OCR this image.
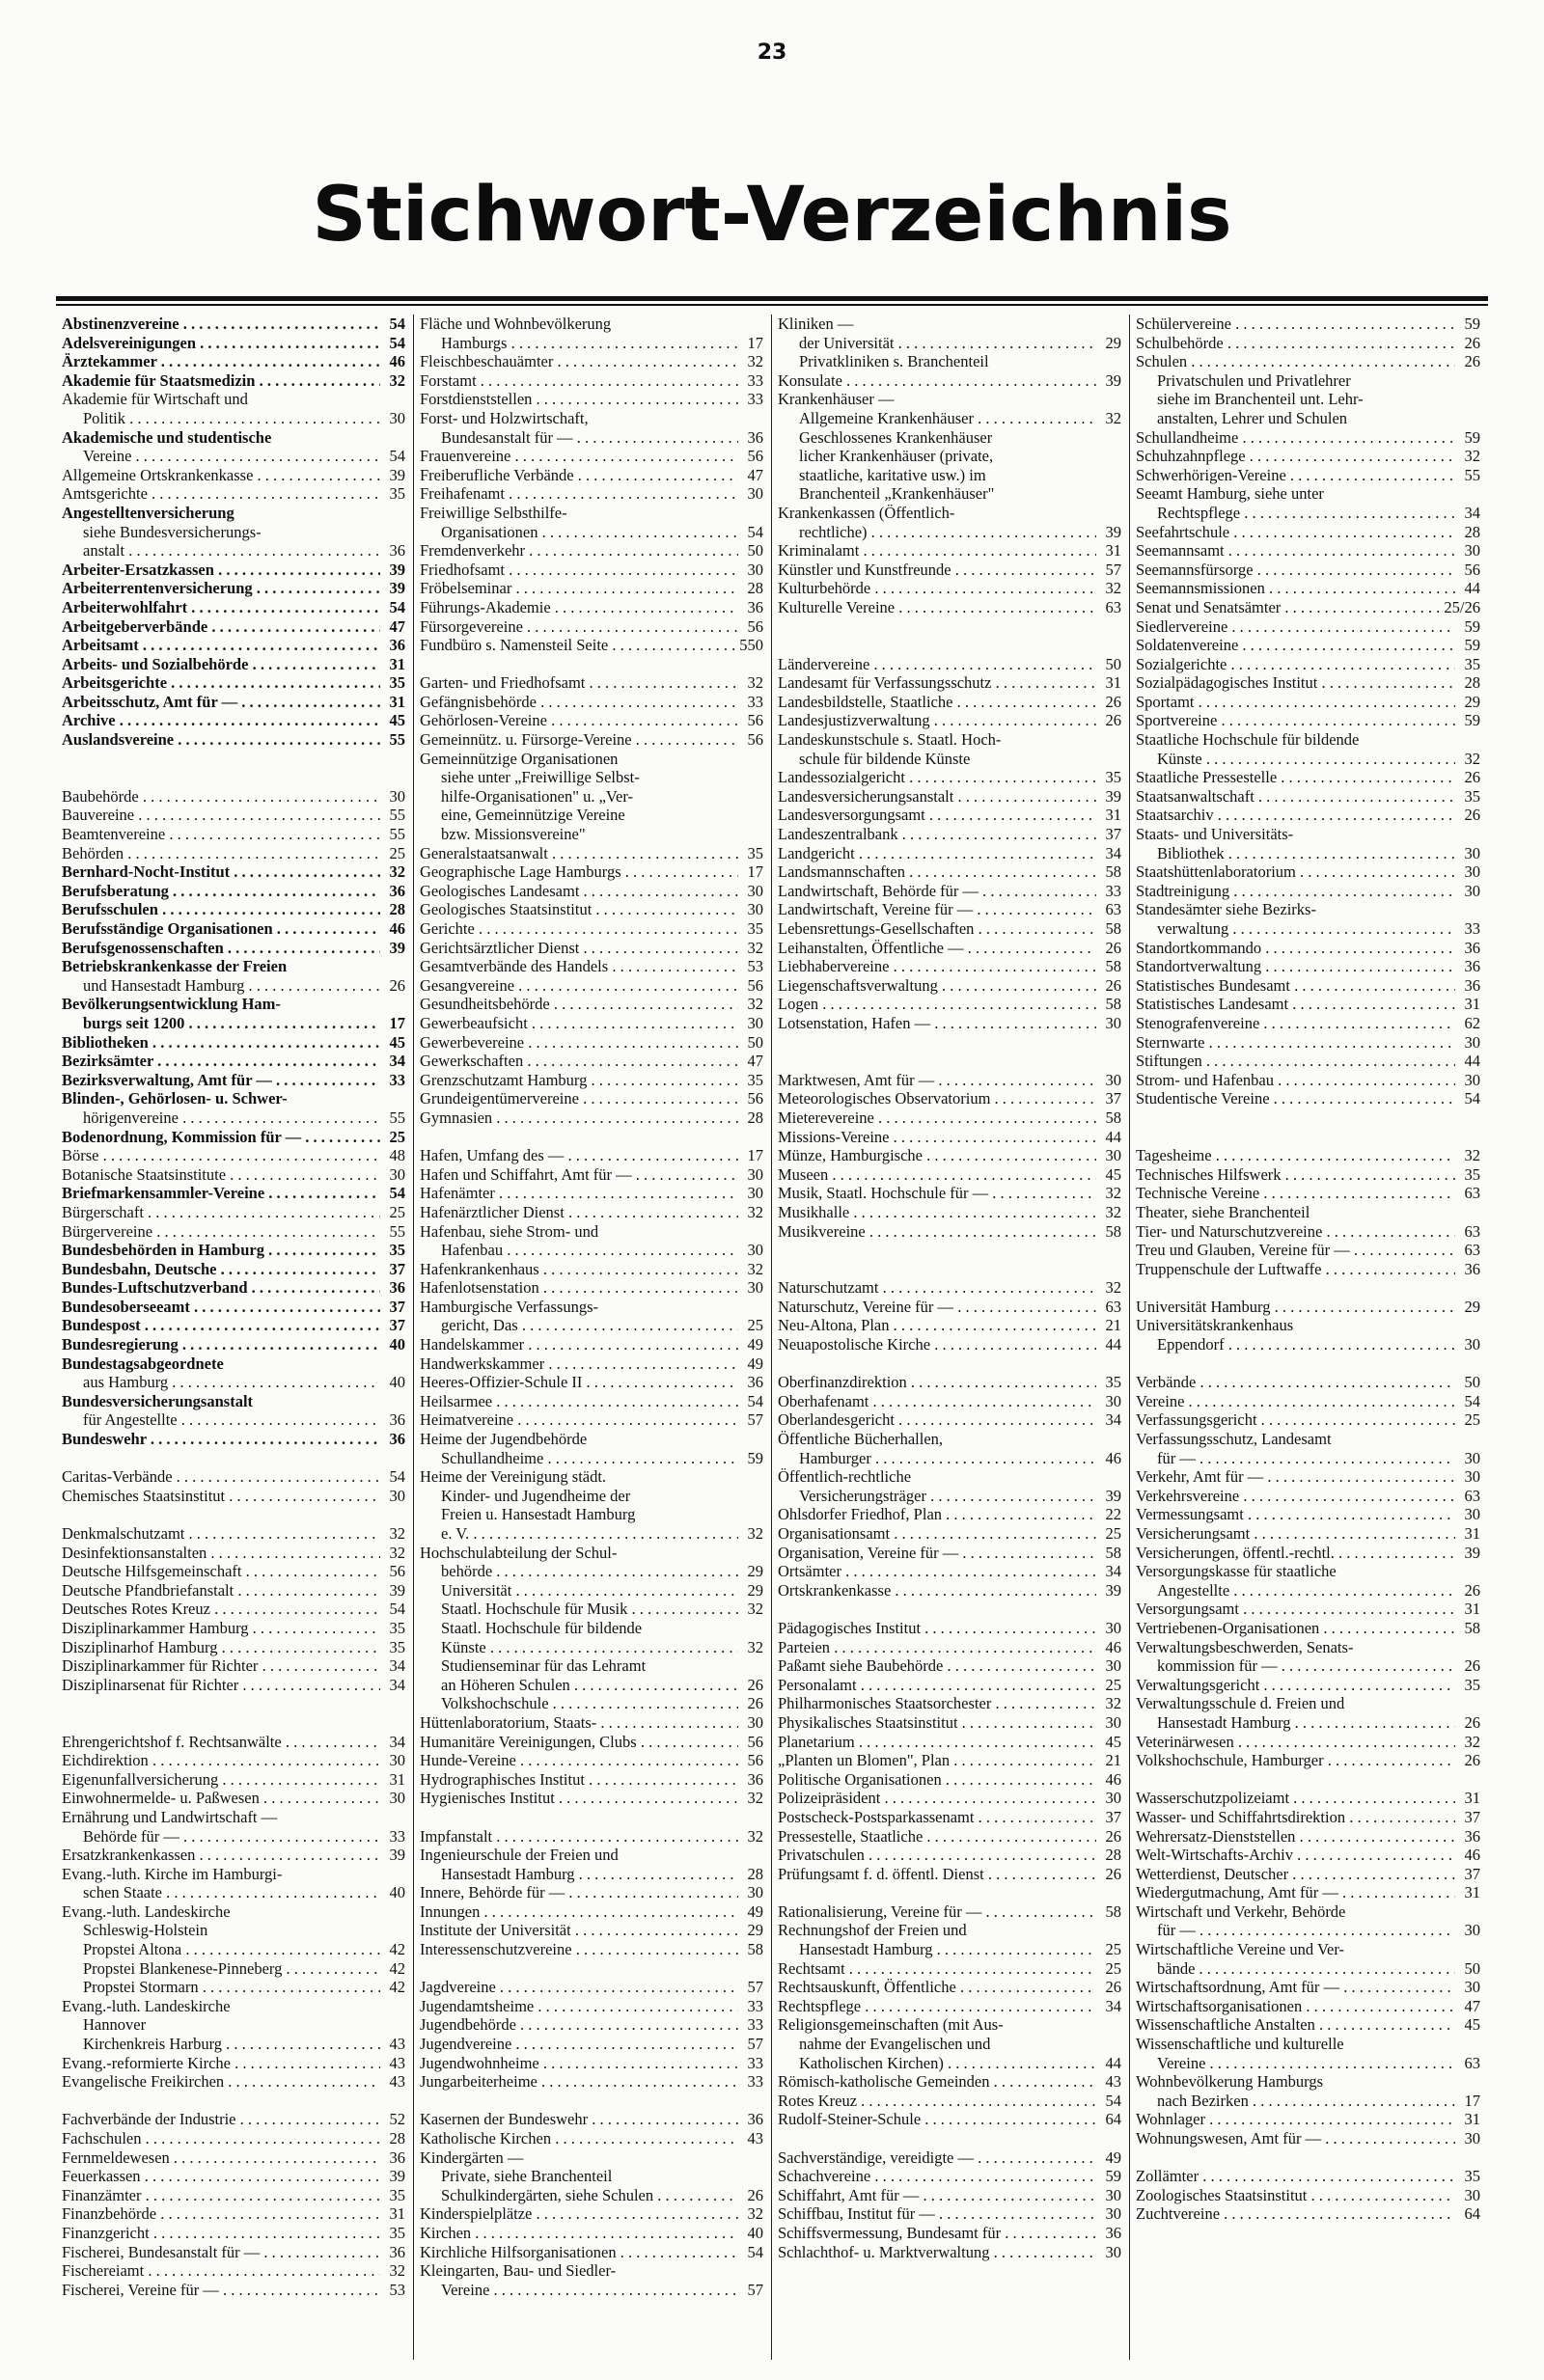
23
Stichwort-Verzeichnis
Abstinenzvereine . . .	54
Adelsvereinigungen . . .	54
Ärztekammer . . .	46
Akademie für Staatsmedizin . . .	32
Akademie für Wirtschaft und
Politik . . .	30
Akademische und studentische
Vereine . . .	54
Allgemeine Ortskrankenkasse . . .	39
Amtsgerichte . . .	35
Angestelltenversicherung
siehe Bundesversicherungs-
anstalt . . .	36
Arbeiter-Ersatzkassen . . .	39
Arbeiterrentenversicherung . . .	39
Arbeiterwohlfahrt . . .	54
Arbeitgeberverbände . . .	47
Arbeitsamt . . .	36
Arbeits- und Sozialbehörde . . .	31
Arbeitsgerichte . . .	35
Arbeitsschutz, Amt für — . . .	31
Archive . . .	45
Auslandsvereine . . .	55
Baubehörde . . .	30
Bauvereine . . .	55
Beamtenvereine . . .	55
Behörden . . .	25
Bernhard-Nocht-Institut . . .	32
Berufsberatung . . .	36
Berufsschulen . . .	28
Berufsständige Organisationen . . .	46
Berufsgenossenschaften . . .	39
Betriebskrankenkasse der Freien
und Hansestadt Hamburg . . .	26
Bevölkerungsentwicklung Ham-
burgs seit 1200 . . .	17
Bibliotheken . . .	45
Bezirksämter . . .	34
Bezirksverwaltung, Amt für — . . .	33
Blinden-, Gehörlosen- u. Schwer-
hörigenvereine . . .	55
Bodenordnung, Kommission für — . . .	25
Börse . . .	48
Botanische Staatsinstitute . . .	30
Briefmarkensammler-Vereine . . .	54
Bürgerschaft . . .	25
Bürgervereine . . .	55
Bundesbehörden in Hamburg . . .	35
Bundesbahn, Deutsche . . .	37
Bundes-Luftschutzverband . . .	36
Bundesoberseeamt . . .	37
Bundespost . . .	37
Bundesregierung . . .	40
Bundestagsabgeordnete
aus Hamburg . . .	40
Bundesversicherungsanstalt
für Angestellte . . .	36
Bundeswehr . . .	36
Caritas-Verbände . . .	54
Chemisches Staatsinstitut . . .	30
Denkmalschutzamt . . .	32
Desinfektionsanstalten . . .	32
Deutsche Hilfsgemeinschaft . . .	56
Deutsche Pfandbriefanstalt . . .	39
Deutsches Rotes Kreuz . . .	54
Disziplinarkammer Hamburg . . .	35
Disziplinarhof Hamburg . . .	35
Disziplinarkammer für Richter . . .	34
Disziplinarsenat für Richter . . .	34
Ehrengerichtshof f. Rechtsanwälte . . .	34
Eichdirektion . . .	30
Eigenunfallversicherung . . .	31
Einwohnermelde- u. Paßwesen . . .	30
Ernährung und Landwirtschaft —
Behörde für — . . .	33
Ersatzkrankenkassen . . .	39
Evang.-luth. Kirche im Hamburgi-
schen Staate . . .	40
Evang.-luth. Landeskirche
Schleswig-Holstein
Propstei Altona . . .	42
Propstei Blankenese-Pinneberg . . .	42
Propstei Stormarn . . .	42
Evang.-luth. Landeskirche
Hannover
Kirchenkreis Harburg . . .	43
Evang.-reformierte Kirche . . .	43
Evangelische Freikirchen . . .	43
Fachverbände der Industrie . . .	52
Fachschulen . . .	28
Fernmeldewesen . . .	36
Feuerkassen . . .	39
Finanzämter . . .	35
Finanzbehörde . . .	31
Finanzgericht . . .	35
Fischerei, Bundesanstalt für — . . .	36
Fischereiamt . . .	32
Fischerei, Vereine für — . . .	53
Fläche und Wohnbevölkerung
Hamburgs . . .	17
Fleischbeschauämter . . .	32
Forstamt . . .	33
Forstdienststellen . . .	33
Forst- und Holzwirtschaft,
Bundesanstalt für — . . .	36
Frauenvereine . . .	56
Freiberufliche Verbände . . .	47
Freihafenamt . . .	30
Freiwillige Selbsthilfe-
Organisationen . . .	54
Fremdenverkehr . . .	50
Friedhofsamt . . .	30
Fröbelseminar . . .	28
Führungs-Akademie . . .	36
Fürsorgevereine . . .	56
Fundbüro s. Namensteil Seite . . .	550
Garten- und Friedhofsamt . . .	32
Gefängnisbehörde . . .	33
Gehörlosen-Vereine . . .	56
Gemeinnütz. u. Fürsorge-Vereine . . .	56
Gemeinnützige Organisationen
siehe unter „Freiwillige Selbst-
hilfe-Organisationen" u. „Ver-
eine, Gemeinnützige Vereine
bzw. Missionsvereine"
Generalstaatsanwalt . . .	35
Geographische Lage Hamburgs . . .	17
Geologisches Landesamt . . .	30
Geologisches Staatsinstitut . . .	30
Gerichte . . .	35
Gerichtsärztlicher Dienst . . .	32
Gesamtverbände des Handels . . .	53
Gesangvereine . . .	56
Gesundheitsbehörde . . .	32
Gewerbeaufsicht . . .	30
Gewerbevereine . . .	50
Gewerkschaften . . .	47
Grenzschutzamt Hamburg . . .	35
Grundeigentümervereine . . .	56
Gymnasien . . .	28
Hafen, Umfang des — . . .	17
Hafen und Schiffahrt, Amt für — . . .	30
Hafenämter . . .	30
Hafenärztlicher Dienst . . .	32
Hafenbau, siehe Strom- und
Hafenbau . . .	30
Hafenkrankenhaus . . .	32
Hafenlotsenstation . . .	30
Hamburgische Verfassungs-
gericht, Das . . .	25
Handelskammer . . .	49
Handwerkskammer . . .	49
Heeres-Offizier-Schule II . . .	36
Heilsarmee . . .	54
Heimatvereine . . .	57
Heime der Jugendbehörde
Schullandheime . . .	59
Heime der Vereinigung städt.
Kinder- und Jugendheime der
Freien u. Hansestadt Hamburg
e. V. . . .	32
Hochschulabteilung der Schul-
behörde . . .	29
Universität . . .	29
Staatl. Hochschule für Musik . . .	32
Staatl. Hochschule für bildende
Künste . . .	32
Studienseminar für das Lehramt
an Höheren Schulen . . .	26
Volkshochschule . . .	26
Hüttenlaboratorium, Staats- . . .	30
Humanitäre Vereinigungen, Clubs . . .	56
Hunde-Vereine . . .	56
Hydrographisches Institut . . .	36
Hygienisches Institut . . .	32
Impfanstalt . . .	32
Ingenieurschule der Freien und
Hansestadt Hamburg . . .	28
Innere, Behörde für — . . .	30
Innungen . . .	49
Institute der Universität . . .	29
Interessenschutzvereine . . .	58
Jagdvereine . . .	57
Jugendamtsheime . . .	33
Jugendbehörde . . .	33
Jugendvereine . . .	57
Jugendwohnheime . . .	33
Jungarbeiterheime . . .	33
Kasernen der Bundeswehr . . .	36
Katholische Kirchen . . .	43
Kindergärten —
Private, siehe Branchenteil
Schulkindergärten, siehe Schulen . . .	26
Kinderspielplätze . . .	32
Kirchen . . .	40
Kirchliche Hilfsorganisationen . . .	54
Kleingarten, Bau- und Siedler-
Vereine . . .	57
Kliniken —
der Universität . . .	29
Privatkliniken s. Branchenteil
Konsulate . . .	39
Krankenhäuser —
Allgemeine Krankenhäuser . . .	32
Geschlossenes Krankenhäuser
licher Krankenhäuser (private,
staatliche, karitative usw.) im
Branchenteil „Krankenhäuser"
Krankenkassen (Öffentlich-
rechtliche) . . .	39
Kriminalamt . . .	31
Künstler und Kunstfreunde . . .	57
Kulturbehörde . . .	32
Kulturelle Vereine . . .	63
Ländervereine . . .	50
Landesamt für Verfassungsschutz . . .	31
Landesbildstelle, Staatliche . . .	26
Landesjustizverwaltung . . .	26
Landeskunstschule s. Staatl. Hoch-
schule für bildende Künste
Landessozialgericht . . .	35
Landesversicherungsanstalt . . .	39
Landesversorgungsamt . . .	31
Landeszentralbank . . .	37
Landgericht . . .	34
Landsmannschaften . . .	58
Landwirtschaft, Behörde für — . . .	33
Landwirtschaft, Vereine für — . . .	63
Lebensrettungs-Gesellschaften . . .	58
Leihanstalten, Öffentliche — . . .	26
Liebhabervereine . . .	58
Liegenschaftsverwaltung . . .	26
Logen . . .	58
Lotsenstation, Hafen — . . .	30
Marktwesen, Amt für — . . .	30
Meteorologisches Observatorium . . .	37
Mieterevereine . . .	58
Missions-Vereine . . .	44
Münze, Hamburgische . . .	30
Museen . . .	45
Musik, Staatl. Hochschule für — . . .	32
Musikhalle . . .	32
Musikvereine . . .	58
Naturschutzamt . . .	32
Naturschutz, Vereine für — . . .	63
Neu-Altona, Plan . . .	21
Neuapostolische Kirche . . .	44
Oberfinanzdirektion . . .	35
Oberhafenamt . . .	30
Oberlandesgericht . . .	34
Öffentliche Bücherhallen,
Hamburger . . .	46
Öffentlich-rechtliche
Versicherungsträger . . .	39
Ohlsdorfer Friedhof, Plan . . .	22
Organisationsamt . . .	25
Organisation, Vereine für — . . .	58
Ortsämter . . .	34
Ortskrankenkasse . . .	39
Pädagogisches Institut . . .	30
Parteien . . .	46
Paßamt siehe Baubehörde . . .	30
Personalamt . . .	25
Philharmonisches Staatsorchester . . .	32
Physikalisches Staatsinstitut . . .	30
Planetarium . . .	45
„Planten un Blomen", Plan . . .	21
Politische Organisationen . . .	46
Polizeipräsident . . .	30
Postscheck-Postsparkassenamt . . .	37
Pressestelle, Staatliche . . .	26
Privatschulen . . .	28
Prüfungsamt f. d. öffentl. Dienst . . .	26
Rationalisierung, Vereine für — . . .	58
Rechnungshof der Freien und
Hansestadt Hamburg . . .	25
Rechtsamt . . .	25
Rechtsauskunft, Öffentliche . . .	26
Rechtspflege . . .	34
Religionsgemeinschaften (mit Aus-
nahme der Evangelischen und
Katholischen Kirchen) . . .	44
Römisch-katholische Gemeinden . . .	43
Rotes Kreuz . . .	54
Rudolf-Steiner-Schule . . .	64
Sachverständige, vereidigte — . . .	49
Schachvereine . . .	59
Schiffahrt, Amt für — . . .	30
Schiffbau, Institut für — . . .	30
Schiffsvermessung, Bundesamt für . . .	36
Schlachthof- u. Marktverwaltung . . .	30
Schülervereine . . .	59
Schulbehörde . . .	26
Schulen . . .	26
Privatschulen und Privatlehrer
siehe im Branchenteil unt. Lehr-
anstalten, Lehrer und Schulen
Schullandheime . . .	59
Schuhzahnpflege . . .	32
Schwerhörigen-Vereine . . .	55
Seeamt Hamburg, siehe unter
Rechtspflege . . .	34
Seefahrtschule . . .	28
Seemannsamt . . .	30
Seemannsfürsorge . . .	56
Seemannsmissionen . . .	44
Senat und Senatsämter . . .	25/26
Siedlervereine . . .	59
Soldatenvereine . . .	59
Sozialgerichte . . .	35
Sozialpädagogisches Institut . . .	28
Sportamt . . .	29
Sportvereine . . .	59
Staatliche Hochschule für bildende
Künste . . .	32
Staatliche Pressestelle . . .	26
Staatsanwaltschaft . . .	35
Staatsarchiv . . .	26
Staats- und Universitäts-
Bibliothek . . .	30
Staatshüttenlaboratorium . . .	30
Stadtreinigung . . .	30
Standesämter siehe Bezirks-
verwaltung . . .	33
Standortkommando . . .	36
Standortverwaltung . . .	36
Statistisches Bundesamt . . .	36
Statistisches Landesamt . . .	31
Stenografenvereine . . .	62
Sternwarte . . .	30
Stiftungen . . .	44
Strom- und Hafenbau . . .	30
Studentische Vereine . . .	54
Tagesheime . . .	32
Technisches Hilfswerk . . .	35
Technische Vereine . . .	63
Theater, siehe Branchenteil
Tier- und Naturschutzvereine . . .	63
Treu und Glauben, Vereine für — . . .	63
Truppenschule der Luftwaffe . . .	36
Universität Hamburg . . .	29
Universitätskrankenhaus
Eppendorf . . .	30
Verbände . . .	50
Vereine . . .	54
Verfassungsgericht . . .	25
Verfassungsschutz, Landesamt
für — . . .	30
Verkehr, Amt für — . . .	30
Verkehrsvereine . . .	63
Vermessungsamt . . .	30
Versicherungsamt . . .	31
Versicherungen, öffentl.-rechtl. . . .	39
Versorgungskasse für staatliche
Angestellte . . .	26
Versorgungsamt . . .	31
Vertriebenen-Organisationen . . .	58
Verwaltungsbeschwerden, Senats-
kommission für — . . .	26
Verwaltungsgericht . . .	35
Verwaltungsschule d. Freien und
Hansestadt Hamburg . . .	26
Veterinärwesen . . .	32
Volkshochschule, Hamburger . . .	26
Wasserschutzpolizeiamt . . .	31
Wasser- und Schiffahrtsdirektion . . .	37
Wehrersatz-Dienststellen . . .	36
Welt-Wirtschafts-Archiv . . .	46
Wetterdienst, Deutscher . . .	37
Wiedergutmachung, Amt für — . . .	31
Wirtschaft und Verkehr, Behörde
für — . . .	30
Wirtschaftliche Vereine und Ver-
bände . . .	50
Wirtschaftsordnung, Amt für — . . .	30
Wirtschaftsorganisationen . . .	47
Wissenschaftliche Anstalten . . .	45
Wissenschaftliche und kulturelle
Vereine . . .	63
Wohnbevölkerung Hamburgs
nach Bezirken . . .	17
Wohnlager . . .	31
Wohnungswesen, Amt für — . . .	30
Zollämter . . .	35
Zoologisches Staatsinstitut . . .	30
Zuchtvereine . . .	64
